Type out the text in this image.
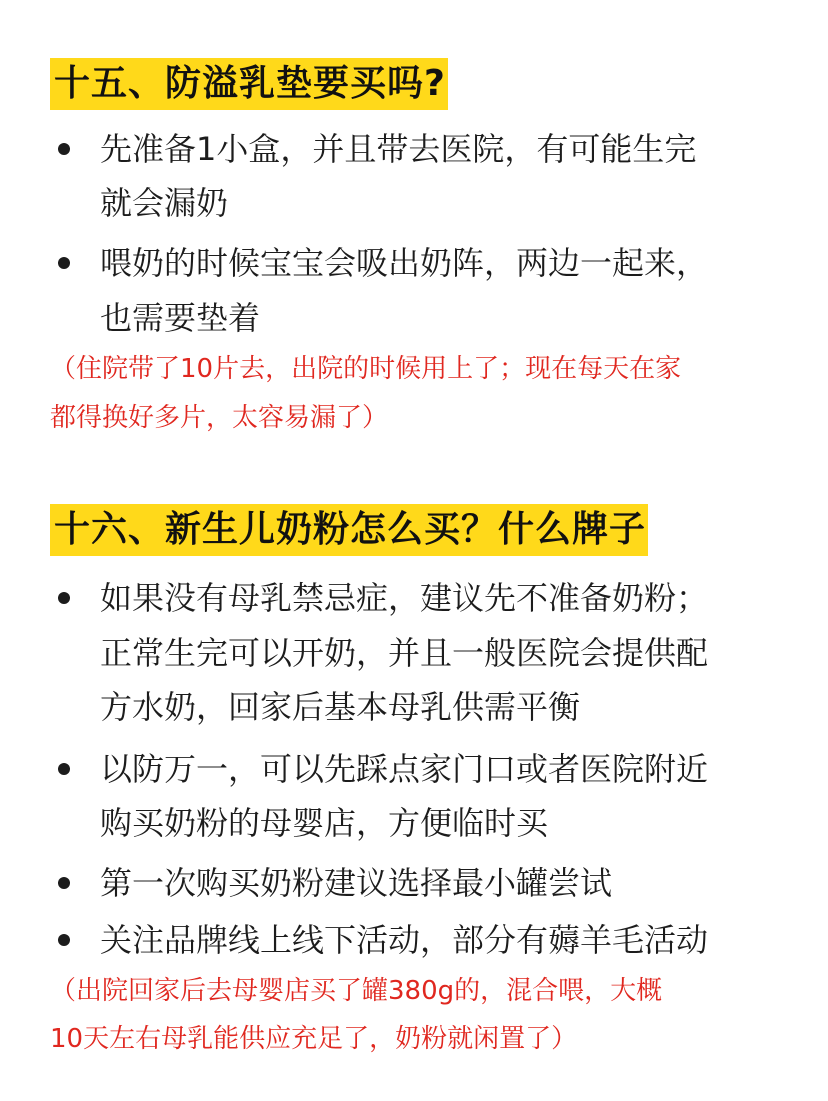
十五、防溢乳垫要买吗?
先准备1小盒，并且带去医院，有可能生完
就会漏奶
喂奶的时候宝宝会吸出奶阵，两边一起来，
也需要垫着
（住院带了10片去，出院的时候用上了；现在每天在家
都得换好多片，太容易漏了）
十六、新生儿奶粉怎么买？什么牌子
如果没有母乳禁忌症，建议先不准备奶粉；
正常生完可以开奶，并且一般医院会提供配
方水奶，回家后基本母乳供需平衡
以防万一，可以先踩点家门口或者医院附近
购买奶粉的母婴店，方便临时买
第一次购买奶粉建议选择最小罐尝试
关注品牌线上线下活动，部分有薅羊毛活动
（出院回家后去母婴店买了罐380g的，混合喂，大概
10天左右母乳能供应充足了，奶粉就闲置了）
